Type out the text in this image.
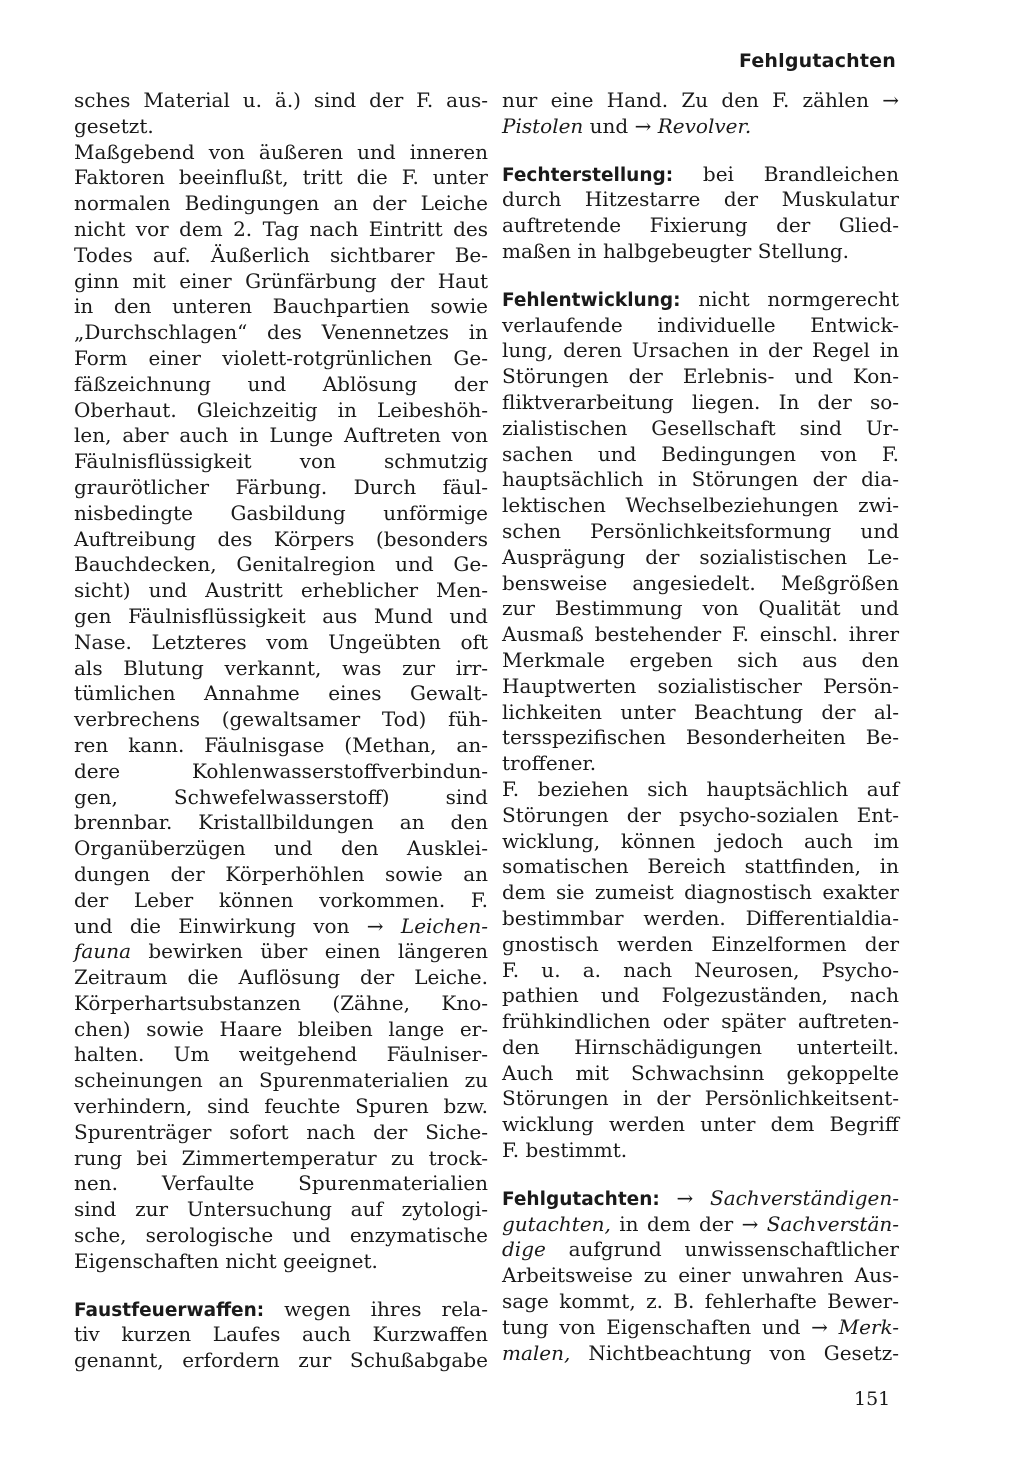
Fehlgutachten
sches Material u. ä.) sind der F. aus-
gesetzt.
Maßgebend von äußeren und inneren
Faktoren beeinflußt, tritt die F. unter
normalen Bedingungen an der Leiche
nicht vor dem 2. Tag nach Eintritt des
Todes auf. Äußerlich sichtbarer Be-
ginn mit einer Grünfärbung der Haut
in den unteren Bauchpartien sowie
„Durchschlagen“ des Venennetzes in
Form einer violett-rotgrünlichen Ge-
fäßzeichnung und Ablösung der
Oberhaut. Gleichzeitig in Leibeshöh-
len, aber auch in Lunge Auftreten von
Fäulnisflüssigkeit von schmutzig
graurötlicher Färbung. Durch fäul-
nisbedingte Gasbildung unförmige
Auftreibung des Körpers (besonders
Bauchdecken, Genitalregion und Ge-
sicht) und Austritt erheblicher Men-
gen Fäulnisflüssigkeit aus Mund und
Nase. Letzteres vom Ungeübten oft
als Blutung verkannt, was zur irr-
tümlichen Annahme eines Gewalt-
verbrechens (gewaltsamer Tod) füh-
ren kann. Fäulnisgase (Methan, an-
dere Kohlenwasserstoffverbindun-
gen, Schwefelwasserstoff) sind
brennbar. Kristallbildungen an den
Organüberzügen und den Ausklei-
dungen der Körperhöhlen sowie an
der Leber können vorkommen. F.
und die Einwirkung von → Leichen-
fauna bewirken über einen längeren
Zeitraum die Auflösung der Leiche.
Körperhartsubstanzen (Zähne, Kno-
chen) sowie Haare bleiben lange er-
halten. Um weitgehend Fäulniser-
scheinungen an Spurenmaterialien zu
verhindern, sind feuchte Spuren bzw.
Spurenträger sofort nach der Siche-
rung bei Zimmertemperatur zu trock-
nen. Verfaulte Spurenmaterialien
sind zur Untersuchung auf zytologi-
sche, serologische und enzymatische
Eigenschaften nicht geeignet.
Faustfeuerwaffen: wegen ihres rela-
tiv kurzen Laufes auch Kurzwaffen
genannt, erfordern zur Schußabgabe
nur eine Hand. Zu den F. zählen →
Pistolen und → Revolver.
Fechterstellung: bei Brandleichen
durch Hitzestarre der Muskulatur
auftretende Fixierung der Glied-
maßen in halbgebeugter Stellung.
Fehlentwicklung: nicht normgerecht
verlaufende individuelle Entwick-
lung, deren Ursachen in der Regel in
Störungen der Erlebnis- und Kon-
fliktverarbeitung liegen. In der so-
zialistischen Gesellschaft sind Ur-
sachen und Bedingungen von F.
hauptsächlich in Störungen der dia-
lektischen Wechselbeziehungen zwi-
schen Persönlichkeitsformung und
Ausprägung der sozialistischen Le-
bensweise angesiedelt. Meßgrößen
zur Bestimmung von Qualität und
Ausmaß bestehender F. einschl. ihrer
Merkmale ergeben sich aus den
Hauptwerten sozialistischer Persön-
lichkeiten unter Beachtung der al-
tersspezifischen Besonderheiten Be-
troffener.
F. beziehen sich hauptsächlich auf
Störungen der psycho-sozialen Ent-
wicklung, können jedoch auch im
somatischen Bereich stattfinden, in
dem sie zumeist diagnostisch exakter
bestimmbar werden. Differentialdia-
gnostisch werden Einzelformen der
F. u. a. nach Neurosen, Psycho-
pathien und Folgezuständen, nach
frühkindlichen oder später auftreten-
den Hirnschädigungen unterteilt.
Auch mit Schwachsinn gekoppelte
Störungen in der Persönlichkeitsent-
wicklung werden unter dem Begriff
F. bestimmt.
Fehlgutachten: → Sachverständigen-
gutachten, in dem der → Sachverstän-
dige aufgrund unwissenschaftlicher
Arbeitsweise zu einer unwahren Aus-
sage kommt, z. B. fehlerhafte Bewer-
tung von Eigenschaften und → Merk-
malen, Nichtbeachtung von Gesetz-
151
